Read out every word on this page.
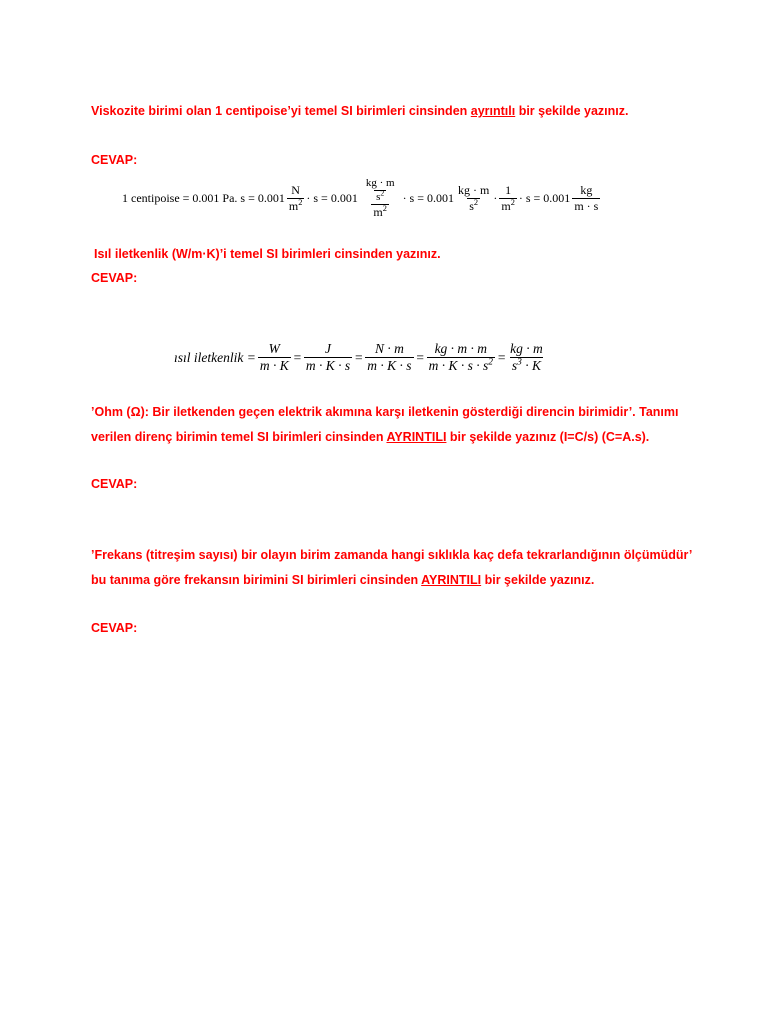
Viskozite birimi olan 1 centipoise’yi temel SI birimleri cinsinden ayrıntılı bir şekilde yazınız.
CEVAP:
1 centipoise = 0.001 Pa. $s = 0.001 \frac{N}{m^2} \cdot s = 0.001 \frac{\frac{kg \cdot m}{s^2}}{m^2} \cdot s = 0.001 \frac{kg \cdot m}{s^2} \cdot \frac{1}{m^2} \cdot s = 0.001 \frac{kg}{m \cdot s}$
Isıl iletkenlik (W/m·K)’i temel SI birimleri cinsinden yazınız.
CEVAP:
ısıl iletkenlik = $\frac{W}{m \cdot K} = \frac{J}{m \cdot K \cdot s} = \frac{N \cdot m}{m \cdot K \cdot s} = \frac{kg \cdot m \cdot m}{m \cdot K \cdot s \cdot s^2} = \frac{kg \cdot m}{s^3 \cdot K}$
’Ohm (Ω): Bir iletkenden geçen elektrik akımına karşı iletkenin gösterdiği direncin birimidir’. Tanımı
verilen direnç birimin temel SI birimleri cinsinden AYRINTILI bir şekilde yazınız (I=C/s) (C=A.s).
CEVAP:
’Frekans (titreşim sayısı) bir olayın birim zamanda hangi sıklıkla kaç defa tekrarlandığının ölçümüdür’
bu tanıma göre frekansın birimini SI birimleri cinsinden AYRINTILI bir şekilde yazınız.
CEVAP:
